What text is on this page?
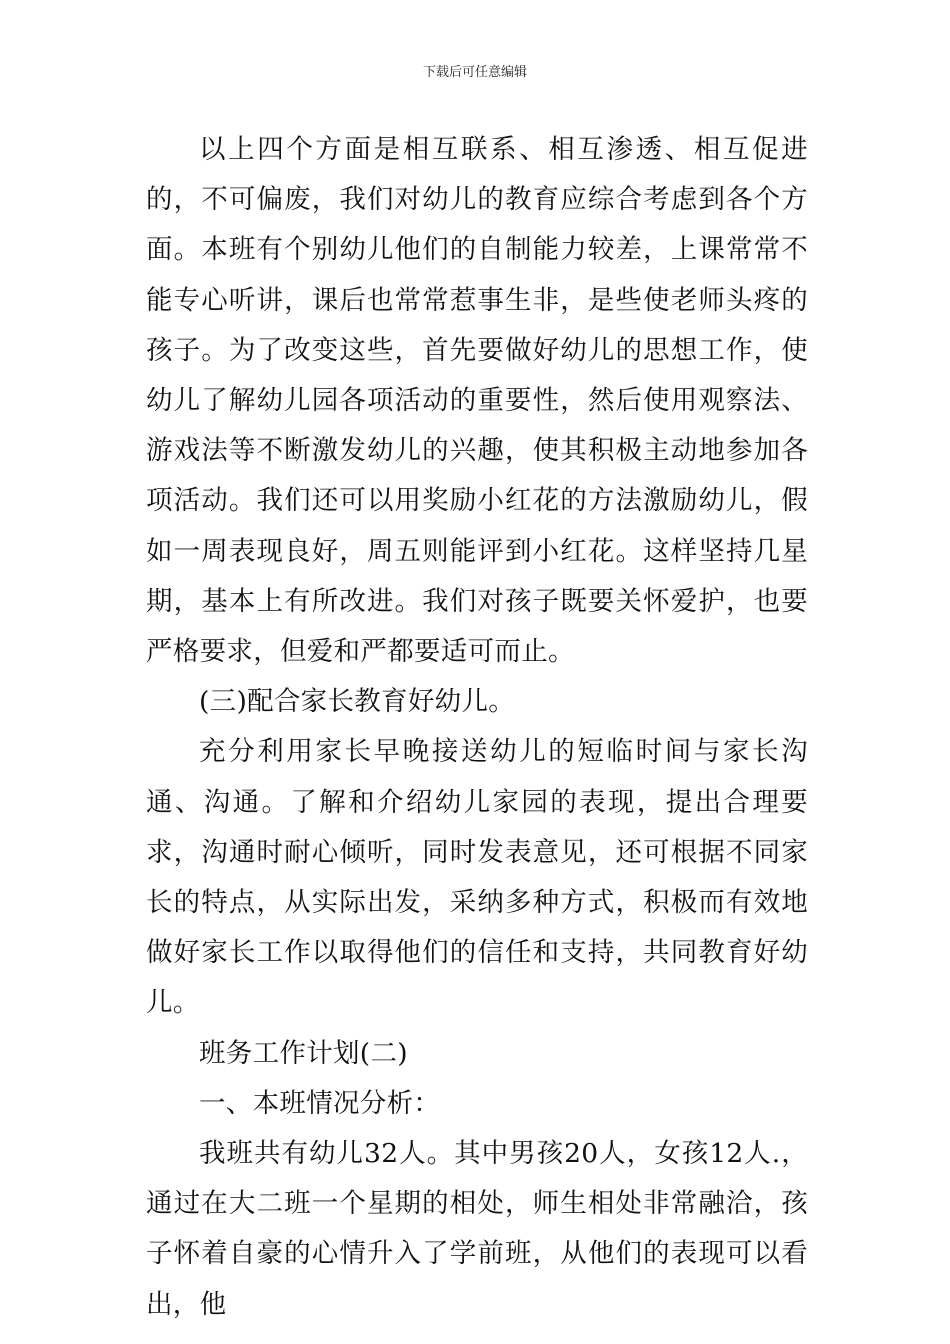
下载后可任意编辑

以上四个方面是相互联系、相互渗透、相互促进的，不可偏废，我们对幼儿的教育应综合考虑到各个方面。本班有个别幼儿他们的自制能力较差，上课常常不能专心听讲，课后也常常惹事生非，是些使老师头疼的孩子。为了改变这些，首先要做好幼儿的思想工作，使幼儿了解幼儿园各项活动的重要性，然后使用观察法、游戏法等不断激发幼儿的兴趣，使其积极主动地参加各项活动。我们还可以用奖励小红花的方法激励幼儿，假如一周表现良好，周五则能评到小红花。这样坚持几星期，基本上有所改进。我们对孩子既要关怀爱护，也要严格要求，但爱和严都要适可而止。

(三)配合家长教育好幼儿。

充分利用家长早晚接送幼儿的短临时间与家长沟通、沟通。了解和介绍幼儿家园的表现，提出合理要求，沟通时耐心倾听，同时发表意见，还可根据不同家长的特点，从实际出发，采纳多种方式，积极而有效地做好家长工作以取得他们的信任和支持，共同教育好幼儿。

班务工作计划(二)

一、本班情况分析：

我班共有幼儿32人。其中男孩20人，女孩12人.，通过在大二班一个星期的相处，师生相处非常融洽，孩子怀着自豪的心情升入了学前班，从他们的表现可以看出，他
